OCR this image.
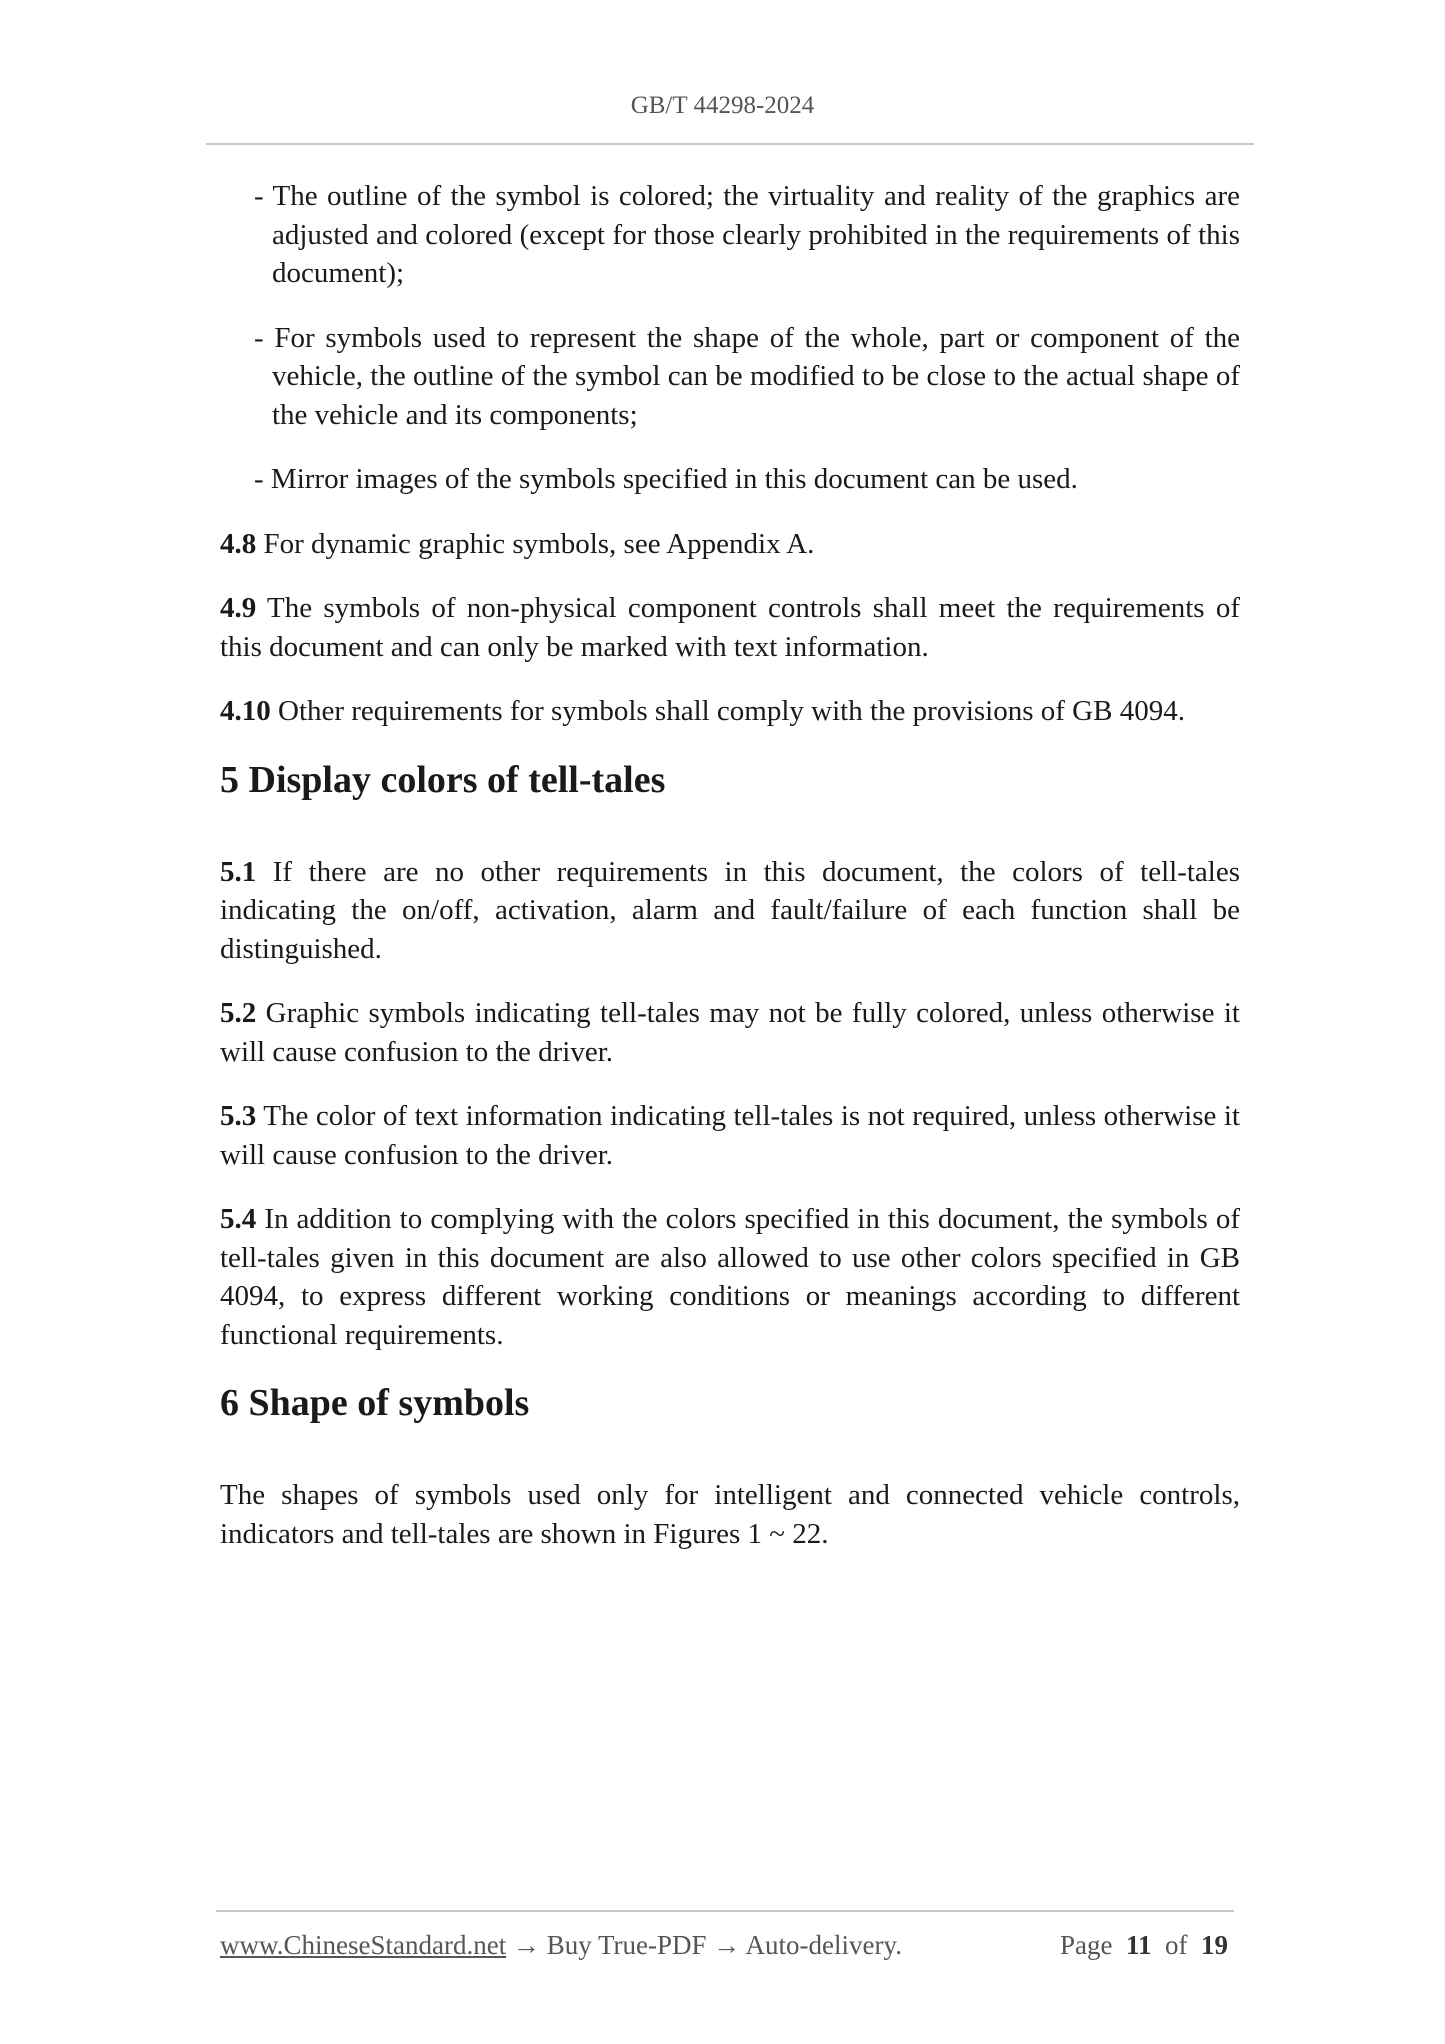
GB/T 44298-2024
- The outline of the symbol is colored; the virtuality and reality of the graphics are adjusted and colored (except for those clearly prohibited in the requirements of this document);
- For symbols used to represent the shape of the whole, part or component of the vehicle, the outline of the symbol can be modified to be close to the actual shape of the vehicle and its components;
- Mirror images of the symbols specified in this document can be used.

4.8 For dynamic graphic symbols, see Appendix A.

4.9 The symbols of non-physical component controls shall meet the requirements of this document and can only be marked with text information.

4.10 Other requirements for symbols shall comply with the provisions of GB 4094.

5 Display colors of tell-tales

5.1 If there are no other requirements in this document, the colors of tell-tales indicating the on/off, activation, alarm and fault/failure of each function shall be distinguished.

5.2 Graphic symbols indicating tell-tales may not be fully colored, unless otherwise it will cause confusion to the driver.

5.3 The color of text information indicating tell-tales is not required, unless otherwise it will cause confusion to the driver.

5.4 In addition to complying with the colors specified in this document, the symbols of tell-tales given in this document are also allowed to use other colors specified in GB 4094, to express different working conditions or meanings according to different functional requirements.

6 Shape of symbols

The shapes of symbols used only for intelligent and connected vehicle controls, indicators and tell-tales are shown in Figures 1 ~ 22.

www.ChineseStandard.net → Buy True-PDF → Auto-delivery.	Page 11 of 19
